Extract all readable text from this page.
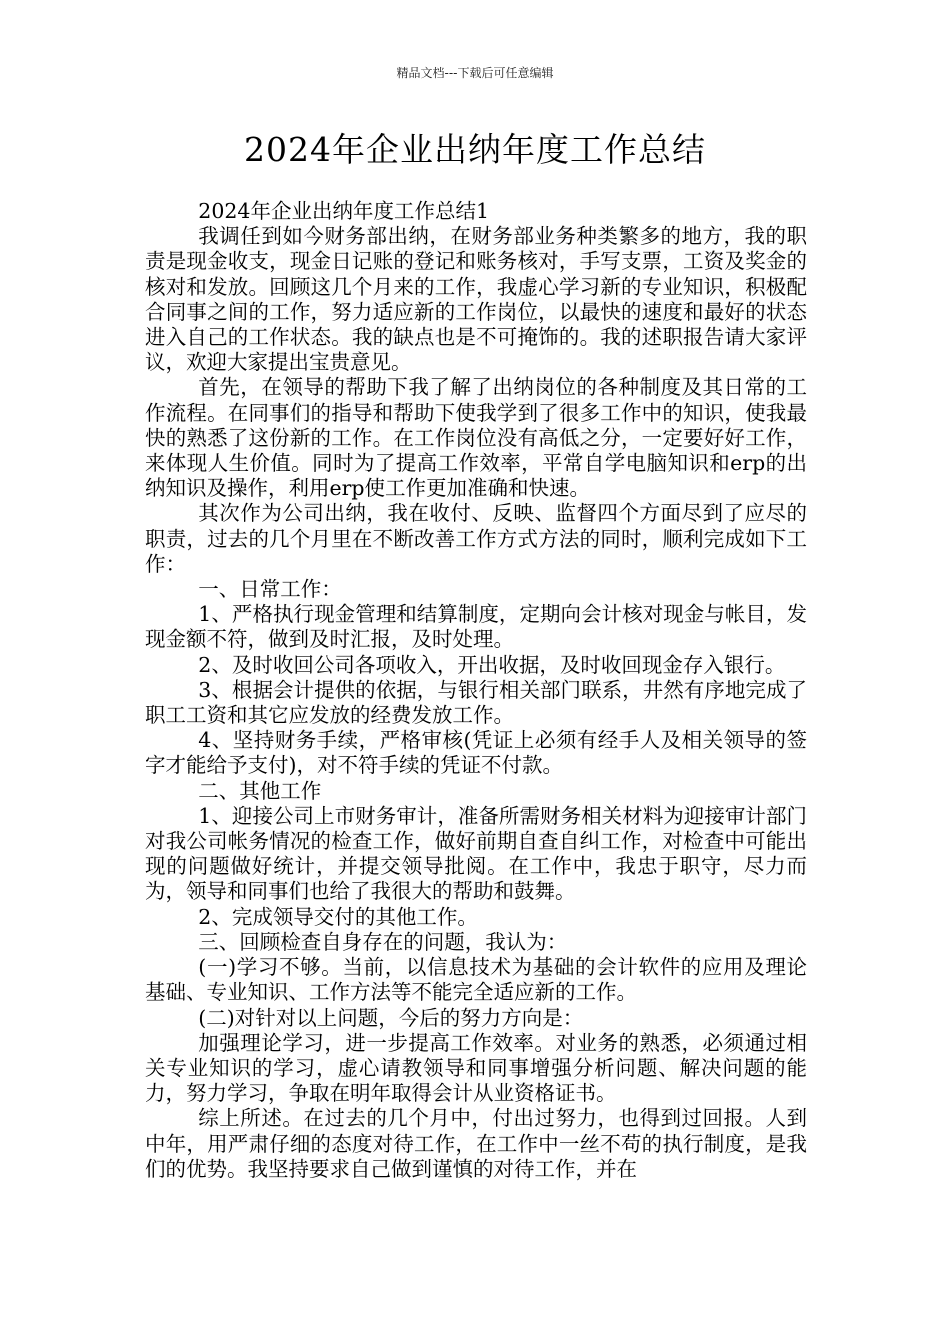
精品文档---下载后可任意编辑
2024年企业出纳年度工作总结

2024年企业出纳年度工作总结1

我调任到如今财务部出纳，在财务部业务种类繁多的地方，我的职责是现金收支，现金日记账的登记和账务核对，手写支票，工资及奖金的核对和发放。回顾这几个月来的工作，我虚心学习新的专业知识，积极配合同事之间的工作，努力适应新的工作岗位，以最快的速度和最好的状态进入自己的工作状态。我的缺点也是不可掩饰的。我的述职报告请大家评议，欢迎大家提出宝贵意见。

首先，在领导的帮助下我了解了出纳岗位的各种制度及其日常的工作流程。在同事们的指导和帮助下使我学到了很多工作中的知识，使我最快的熟悉了这份新的工作。在工作岗位没有高低之分，一定要好好工作，来体现人生价值。同时为了提高工作效率，平常自学电脑知识和erp的出纳知识及操作，利用erp使工作更加准确和快速。

其次作为公司出纳，我在收付、反映、监督四个方面尽到了应尽的职责，过去的几个月里在不断改善工作方式方法的同时，顺利完成如下工作：

一、日常工作：

1、严格执行现金管理和结算制度，定期向会计核对现金与帐目，发现金额不符，做到及时汇报，及时处理。

2、及时收回公司各项收入，开出收据，及时收回现金存入银行。

3、根据会计提供的依据，与银行相关部门联系，井然有序地完成了职工工资和其它应发放的经费发放工作。

4、坚持财务手续，严格审核(凭证上必须有经手人及相关领导的签字才能给予支付)，对不符手续的凭证不付款。

二、其他工作

1、迎接公司上市财务审计，准备所需财务相关材料为迎接审计部门对我公司帐务情况的检查工作，做好前期自查自纠工作，对检查中可能出现的问题做好统计，并提交领导批阅。在工作中，我忠于职守，尽力而为，领导和同事们也给了我很大的帮助和鼓舞。

2、完成领导交付的其他工作。

三、回顾检查自身存在的问题，我认为：

(一)学习不够。当前，以信息技术为基础的会计软件的应用及理论基础、专业知识、工作方法等不能完全适应新的工作。

(二)对针对以上问题，今后的努力方向是：

加强理论学习，进一步提高工作效率。对业务的熟悉，必须通过相关专业知识的学习，虚心请教领导和同事增强分析问题、解决问题的能力，努力学习，争取在明年取得会计从业资格证书。

综上所述。在过去的几个月中，付出过努力，也得到过回报。人到中年，用严肃仔细的态度对待工作，在工作中一丝不苟的执行制度，是我们的优势。我坚持要求自己做到谨慎的对待工作，并在
